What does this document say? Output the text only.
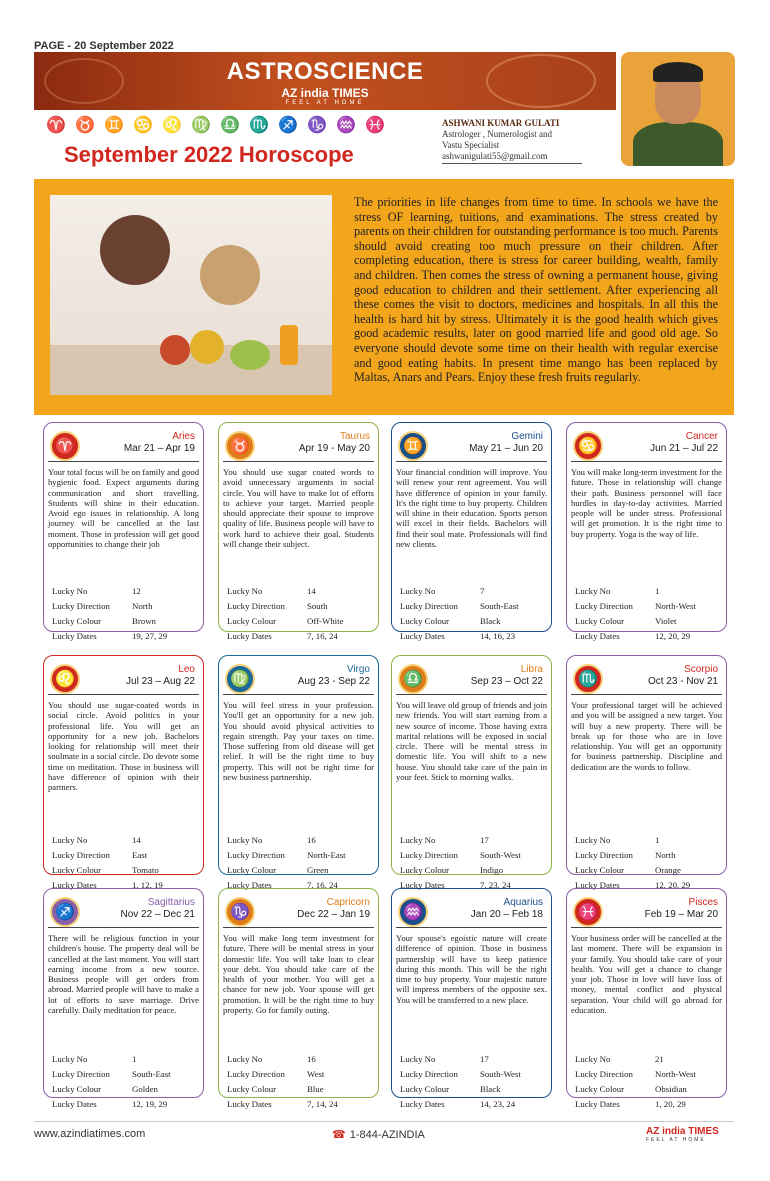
PAGE - 20 September 2022
ASTROSCIENCE
AZ india TIMES
FEEL AT HOME
♈ ♉ ♊ ♋ ♌ ♍ ♎ ♏ ♐ ♑ ♒ ♓
September 2022 Horoscope
ASHWANI KUMAR GULATI
Astrologer , Numerologist and
Vastu Specialist
ashwanigulati55@gmail.com
The priorities in life changes from time to time. In schools we have the stress OF learning, tuitions, and examinations. The stress created by parents on their children for outstanding performance is too much. Parents should avoid creating too much pressure on their children. After completing education, there is stress for career building, wealth, family and children. Then comes the stress of owning a permanent house, giving good education to children and their settlement. After experiencing all these comes the visit to doctors, medicines and hospitals. In all this the health is hard hit by stress. Ultimately it is the good health which gives good academic results, later on good married life and good old age. So everyone should devote some time on their health with regular exercise and good eating habits. In present time mango has been replaced by Maltas, Anars and Pears. Enjoy these fresh fruits regularly.
♈
Aries
Mar 21 – Apr 19
Your total focus will be on family and good hygienic food. Expect arguments during communication and short travelling. Students will shine in their education. Avoid ego issues in relationship. A long journey will be cancelled at the last moment. Those in profession will get good opportunities to change their job
Lucky No	12
Lucky Direction	North
Lucky Colour	Brown
Lucky Dates	19, 27, 29
♉
Taurus
Apr 19 - May 20
You should use sugar coated words to avoid unnecessary arguments in social circle. You will have to make lot of efforts to achieve your target. Married people should appreciate their spouse to improve quality of life. Business people will have to work hard to achieve their goal. Students will change their subject.
Lucky No	14
Lucky Direction	South
Lucky Colour	Off-White
Lucky Dates	7, 16, 24
♊
Gemini
May 21 – Jun 20
Your financial condition will improve. You will renew your rent agreement. You will have difference of opinion in your family. It's the right time to buy property. Children will shine in their education. Sports person will excel in their fields. Bachelors will find their soul mate. Professionals will find new clients.
Lucky No	7
Lucky Direction	South-East
Lucky Colour	Black
Lucky Dates	14, 16, 23
♋
Cancer
Jun 21 – Jul 22
You will make long-term investment for the future. Those in relationship will change their path. Business personnel will face hurdles in day-to-day activities. Married people will be under stress. Professional will get promotion. It is the right time to buy property. Yoga is the way of life.
Lucky No	1
Lucky Direction	North-West
Lucky Colour	Violet
Lucky Dates	12, 20, 29
♌
Leo
Jul 23 – Aug 22
You should use sugar-coated words in social circle. Avoid politics in your professional life. You will get an opportunity for a new job. Bachelors looking for relationship will meet their soulmate in a social circle. Do devote some time on meditation. Those in business will have difference of opinion with their partners.
Lucky No	14
Lucky Direction	East
Lucky Colour	Tomato
Lucky Dates	1, 12, 19
♍
Virgo
Aug 23 - Sep 22
You will feel stress in your profession. You'll get an opportunity for a new job. You should avoid physical activities to regain strength. Pay your taxes on time. Those suffering from old disease will get relief. It will be the right time to buy property. This will not be right time for new business partnership.
Lucky No	16
Lucky Direction	North-East
Lucky Colour	Green
Lucky Dates	7, 16, 24
♎
Libra
Sep 23 – Oct 22
You will leave old group of friends and join new friends. You will start earning from a new source of income. Those having extra marital relations will be exposed in social circle. There will be mental stress in domestic life. You will shift to a new house. You should take care of the pain in your feet. Stick to morning walks.
Lucky No	17
Lucky Direction	South-West
Lucky Colour	Indigo
Lucky Dates	7, 23, 24
♏
Scorpio
Oct 23 - Nov 21
Your professional target will be achieved and you will be assigned a new target. You will buy a new property. There will be break up for those who are in love relationship. You will get an opportunity for business partnership. Discipline and dedication are the words to follow.
Lucky No	1
Lucky Direction	North
Lucky Colour	Orange
Lucky Dates	12, 20, 29
♐
Sagittarius
Nov 22 – Dec 21
There will be religious function in your children's house. The property deal will be cancelled at the last moment. You will start earning income from a new source. Business people will get orders from abroad. Married people will have to make a lot of efforts to save marriage. Drive carefully. Daily meditation for peace.
Lucky No	1
Lucky Direction	South-East
Lucky Colour	Golden
Lucky Dates	12, 19, 29
♑
Capricorn
Dec 22 – Jan 19
You will make long term investment for future. There will be mental stress in your domestic life. You will take loan to clear your debt. You should take care of the health of your mother. You will get a chance for new job. Your spouse will get promotion. It will be the right time to buy property. Go for family outing.
Lucky No	16
Lucky Direction	West
Lucky Colour	Blue
Lucky Dates	7, 14, 24
♒
Aquarius
Jan 20 – Feb 18
Your spouse's egoistic nature will create difference of opinion. Those in business partnership will have to keep patience during this month. This will be the right time to buy property. Your majestic nature will impress members of the opposite sex. You will be transferred to a new place.
Lucky No	17
Lucky Direction	South-West
Lucky Colour	Black
Lucky Dates	14, 23, 24
♓
Pisces
Feb 19 – Mar 20
Your business order will be cancelled at the last moment. There will be expansion in your family. You should take care of your health. You will get a chance to change your job. Those in love will have loss of money, mental conflict and physical separation. Your child will go abroad for education.
Lucky No	21
Lucky Direction	North-West
Lucky Colour	Obsidian
Lucky Dates	1, 20, 29
www.azindiatimes.com	☎ 1-844-AZINDIA	AZ india TIMES
FEEL AT HOME
